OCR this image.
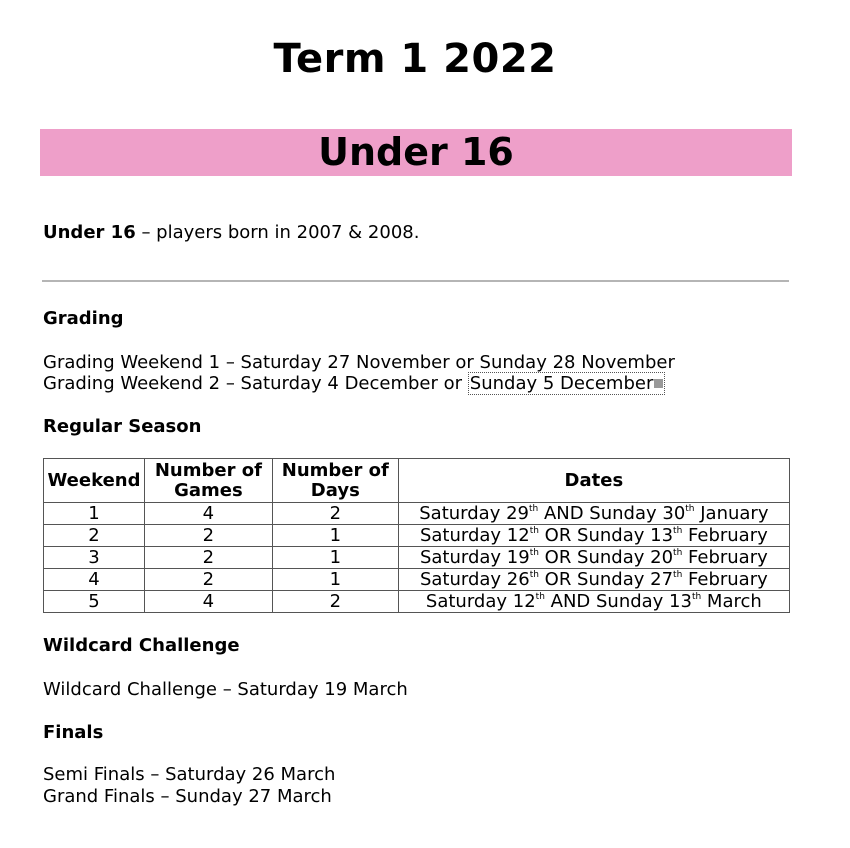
Term 1 2022
Under 16
Under 16 – players born in 2007 & 2008.
Grading
Grading Weekend 1 – Saturday 27 November or Sunday 28 November
Grading Weekend 2 – Saturday 4 December or Sunday 5 December
Regular Season
Weekend	Number of Games	Number of Days	Dates
1	4	2	Saturday 29th AND Sunday 30th January
2	2	1	Saturday 12th OR Sunday 13th February
3	2	1	Saturday 19th OR Sunday 20th February
4	2	1	Saturday 26th OR Sunday 27th February
5	4	2	Saturday 12th AND Sunday 13th March
Wildcard Challenge
Wildcard Challenge – Saturday 19 March
Finals
Semi Finals – Saturday 26 March
Grand Finals – Sunday 27 March
